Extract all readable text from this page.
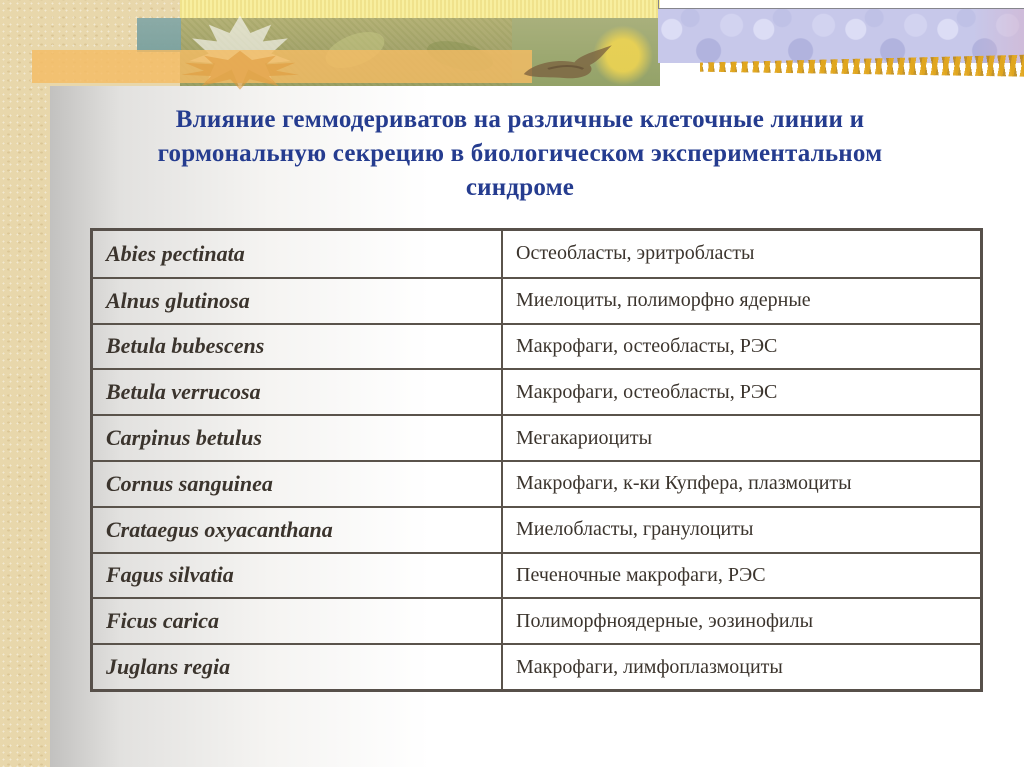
Влияние геммодериватов на различные клеточные линии и
гормональную секрецию в биологическом экспериментальном
синдроме
Abies pectinata	Остеобласты, эритробласты
Alnus glutinosa	Миелоциты, полиморфно ядерные
Betula bubescens	Макрофаги, остеобласты, РЭС
Betula verrucosa	Макрофаги, остеобласты, РЭС
Carpinus betulus	Мегакариоциты
Cornus sanguinea	Макрофаги, к-ки Купфера, плазмоциты
Crataegus oxyacanthana	Миелобласты, гранулоциты
Fagus silvatia	Печеночные макрофаги, РЭС
Ficus carica	Полиморфноядерные, эозинофилы
Juglans regia	Макрофаги, лимфоплазмоциты
